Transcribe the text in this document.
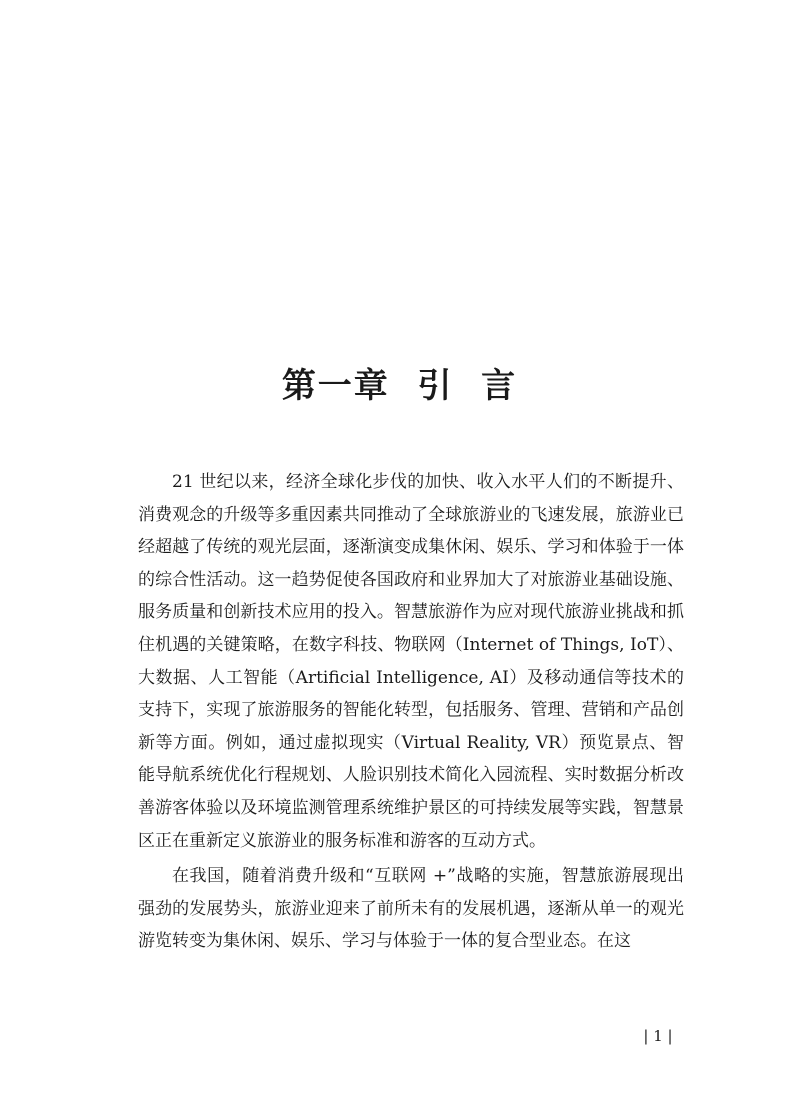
第一章  引  言

21 世纪以来，经济全球化步伐的加快、收入水平人们的不断提升、消费观念的升级等多重因素共同推动了全球旅游业的飞速发展，旅游业已经超越了传统的观光层面，逐渐演变成集休闲、娱乐、学习和体验于一体的综合性活动。这一趋势促使各国政府和业界加大了对旅游业基础设施、服务质量和创新技术应用的投入。智慧旅游作为应对现代旅游业挑战和抓住机遇的关键策略，在数字科技、物联网（Internet of Things, IoT）、大数据、人工智能（Artificial Intelligence, AI）及移动通信等技术的支持下，实现了旅游服务的智能化转型，包括服务、管理、营销和产品创新等方面。例如，通过虚拟现实（Virtual Reality, VR）预览景点、智能导航系统优化行程规划、人脸识别技术简化入园流程、实时数据分析改善游客体验以及环境监测管理系统维护景区的可持续发展等实践，智慧景区正在重新定义旅游业的服务标准和游客的互动方式。

在我国，随着消费升级和“互联网 +”战略的实施，智慧旅游展现出强劲的发展势头，旅游业迎来了前所未有的发展机遇，逐渐从单一的观光游览转变为集休闲、娱乐、学习与体验于一体的复合型业态。在这

| 1 |
